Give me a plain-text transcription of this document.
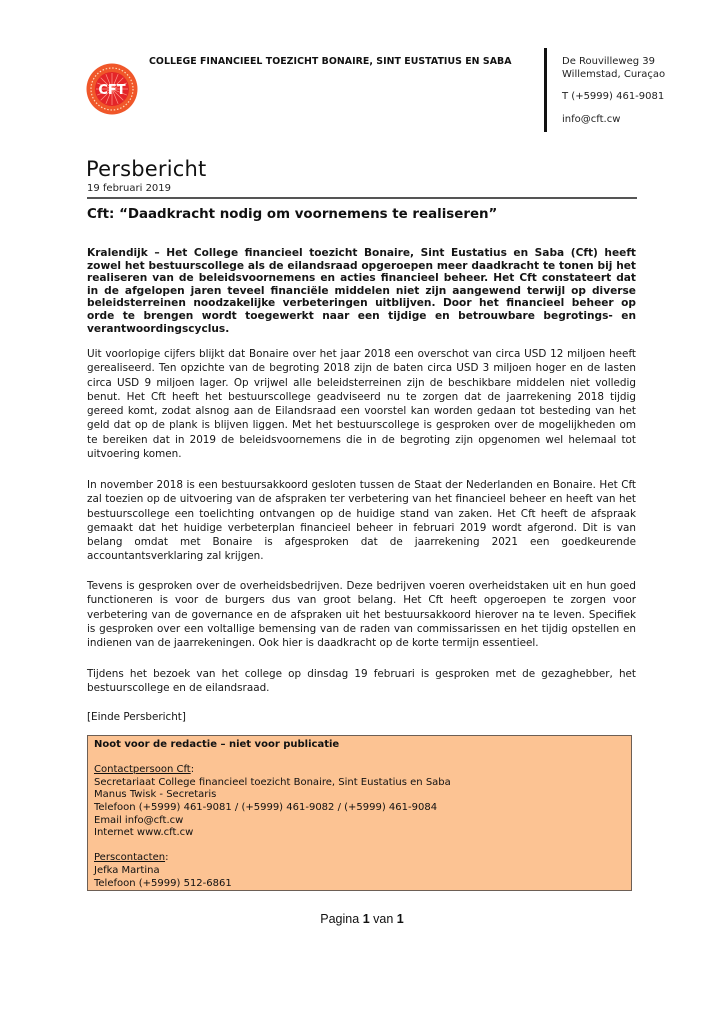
CFT
COLLEGE FINANCIEEL TOEZICHT BONAIRE, SINT EUSTATIUS EN SABA	De Rouvilleweg 39
Willemstad, Curaçao
T (+5999) 461-9081
info@cft.cw
Persbericht
19 februari 2019
Cft: “Daadkracht nodig om voornemens te realiseren”
Kralendijk – Het College financieel toezicht Bonaire, Sint Eustatius en Saba (Cft) heeft zowel het bestuurscollege als de eilandsraad opgeroepen meer daadkracht te tonen bij het realiseren van de beleidsvoornemens en acties financieel beheer. Het Cft constateert dat in de afgelopen jaren teveel financiële middelen niet zijn aangewend terwijl op diverse beleidsterreinen noodzakelijke verbeteringen uitblijven. Door het financieel beheer op orde te brengen wordt toegewerkt naar een tijdige en betrouwbare begrotings- en verantwoordingscyclus.
Uit voorlopige cijfers blijkt dat Bonaire over het jaar 2018 een overschot van circa USD 12 miljoen heeft gerealiseerd. Ten opzichte van de begroting 2018 zijn de baten circa USD 3 miljoen hoger en de lasten circa USD 9 miljoen lager. Op vrijwel alle beleidsterreinen zijn de beschikbare middelen niet volledig benut. Het Cft heeft het bestuurscollege geadviseerd nu te zorgen dat de jaarrekening 2018 tijdig gereed komt, zodat alsnog aan de Eilandsraad een voorstel kan worden gedaan tot besteding van het geld dat op de plank is blijven liggen. Met het bestuurscollege is gesproken over de mogelijkheden om te bereiken dat in 2019 de beleidsvoornemens die in de begroting zijn opgenomen wel helemaal tot uitvoering komen.
In november 2018 is een bestuursakkoord gesloten tussen de Staat der Nederlanden en Bonaire. Het Cft zal toezien op de uitvoering van de afspraken ter verbetering van het financieel beheer en heeft van het bestuurscollege een toelichting ontvangen op de huidige stand van zaken. Het Cft heeft de afspraak gemaakt dat het huidige verbeterplan financieel beheer in februari 2019 wordt afgerond. Dit is van belang omdat met Bonaire is afgesproken dat de jaarrekening 2021 een goedkeurende accountantsverklaring zal krijgen.
Tevens is gesproken over de overheidsbedrijven. Deze bedrijven voeren overheidstaken uit en hun goed functioneren is voor de burgers dus van groot belang. Het Cft heeft opgeroepen te zorgen voor verbetering van de governance en de afspraken uit het bestuursakkoord hierover na te leven. Specifiek is gesproken over een voltallige bemensing van de raden van commissarissen en het tijdig opstellen en indienen van de jaarrekeningen. Ook hier is daadkracht op de korte termijn essentieel.
Tijdens het bezoek van het college op dinsdag 19 februari is gesproken met de gezaghebber, het bestuurscollege en de eilandsraad.
[Einde Persbericht]
Noot voor de redactie – niet voor publicatie
Contactpersoon Cft:
Secretariaat College financieel toezicht Bonaire, Sint Eustatius en Saba
Manus Twisk - Secretaris
Telefoon (+5999) 461-9081 / (+5999) 461-9082 / (+5999) 461-9084
Email info@cft.cw
Internet www.cft.cw
Perscontacten:
Jefka Martina
Telefoon (+5999) 512-6861
Pagina 1 van 1
